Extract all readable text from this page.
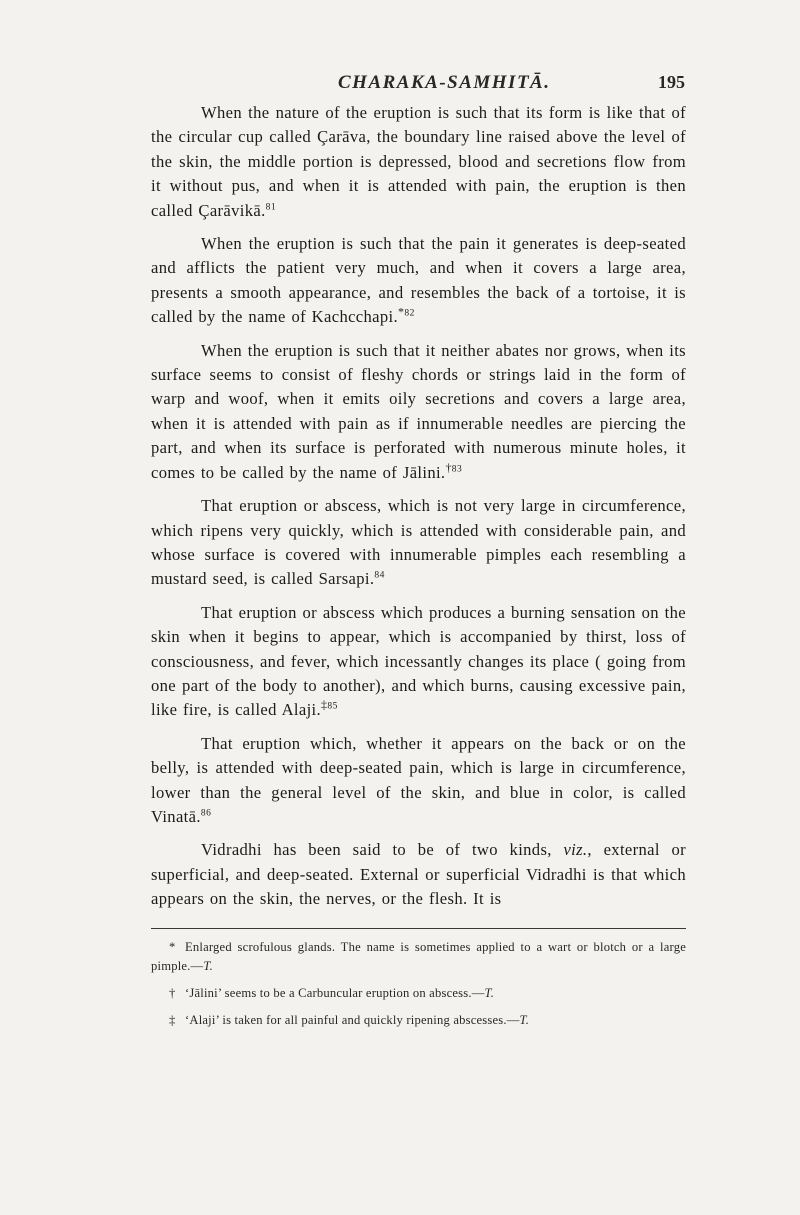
CHARAKA-SAMHITĀ.	195

When the nature of the eruption is such that its form is like that of the circular cup called Çarāva, the boundary line raised above the level of the skin, the middle portion is depressed, blood and secretions flow from it without pus, and when it is attended with pain, the eruption is then called Çarāvikā.$^{81}$

When the eruption is such that the pain it generates is deep-seated and afflicts the patient very much, and when it covers a large area, presents a smooth appearance, and resembles the back of a tortoise, it is called by the name of Kachcchapi.$^{*82}$

When the eruption is such that it neither abates nor grows, when its surface seems to consist of fleshy chords or strings laid in the form of warp and woof, when it emits oily secretions and covers a large area, when it is attended with pain as if innumerable needles are piercing the part, and when its surface is perforated with numerous minute holes, it comes to be called by the name of Jālini.$^{\dagger 83}$

That eruption or abscess, which is not very large in circumference, which ripens very quickly, which is attended with considerable pain, and whose surface is covered with innumerable pimples each resembling a mustard seed, is called Sarsapi.$^{84}$

That eruption or abscess which produces a burning sensation on the skin when it begins to appear, which is accompanied by thirst, loss of consciousness, and fever, which incessantly changes its place ( going from one part of the body to another), and which burns, causing excessive pain, like fire, is called Alaji.$^{\ddagger 85}$

That eruption which, whether it appears on the back or on the belly, is attended with deep-seated pain, which is large in circumference, lower than the general level of the skin, and blue in color, is called Vinatā.$^{86}$

Vidradhi has been said to be of two kinds, viz., external or superficial, and deep-seated. External or superficial Vidradhi is that which appears on the skin, the nerves, or the flesh. It is

* Enlarged scrofulous glands. The name is sometimes applied to a wart or blotch or a large pimple.—T.

† ‘Jālini’ seems to be a Carbuncular eruption on abscess.—T.

‡ ‘Alaji’ is taken for all painful and quickly ripening abscesses.—T.
